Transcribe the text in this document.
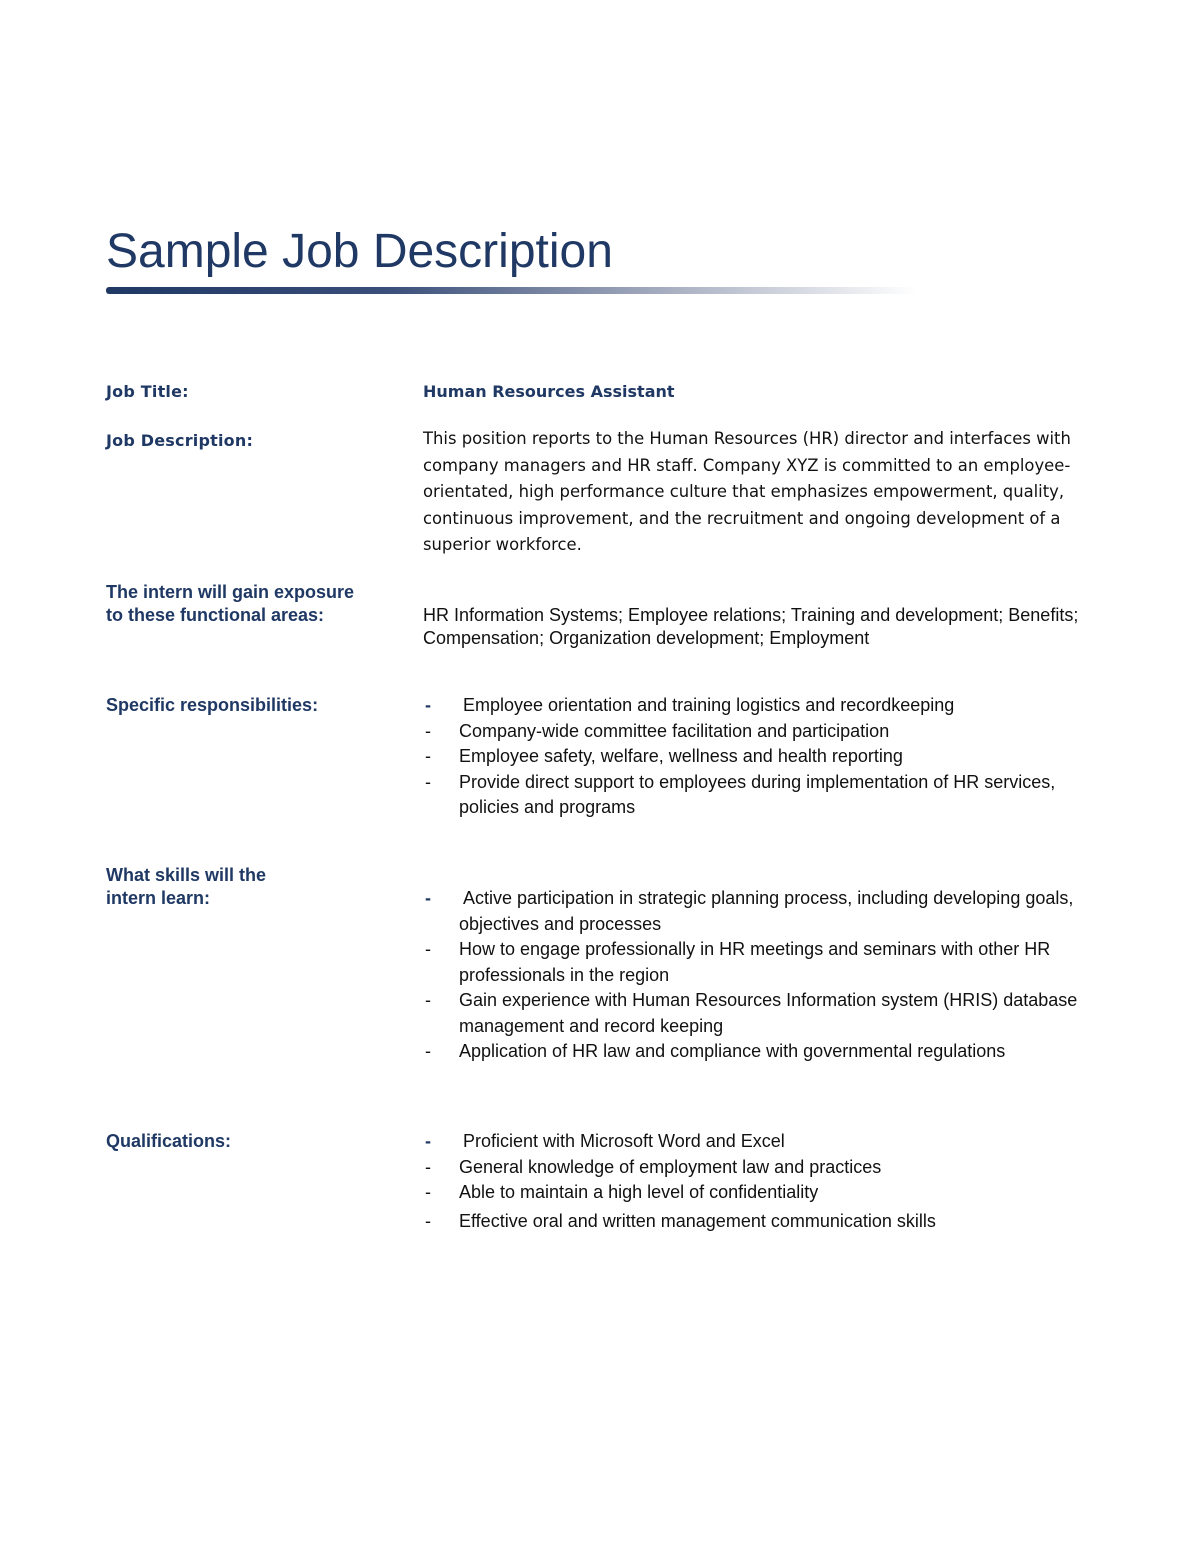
Sample Job Description
Job Title:	Human Resources Assistant
Job Description:	This position reports to the Human Resources (HR) director and interfaces with company managers and HR staff. Company XYZ is committed to an employee-orientated, high performance culture that emphasizes empowerment, quality, continuous improvement, and the recruitment and ongoing development of a superior workforce.

The intern will gain exposure
to these functional areas:	HR Information Systems; Employee relations; Training and development; Benefits; Compensation; Organization development; Employment

Specific responsibilities:	- Employee orientation and training logistics and recordkeeping
- Company-wide committee facilitation and participation
- Employee safety, welfare, wellness and health reporting
- Provide direct support to employees during implementation of HR services, policies and programs
What skills will the
intern learn:	- Active participation in strategic planning process, including developing goals, objectives and processes
- How to engage professionally in HR meetings and seminars with other HR professionals in the region
- Gain experience with Human Resources Information system (HRIS) database management and record keeping
- Application of HR law and compliance with governmental regulations
Qualifications:	- Proficient with Microsoft Word and Excel
- General knowledge of employment law and practices
- Able to maintain a high level of confidentiality
- Effective oral and written management communication skills
